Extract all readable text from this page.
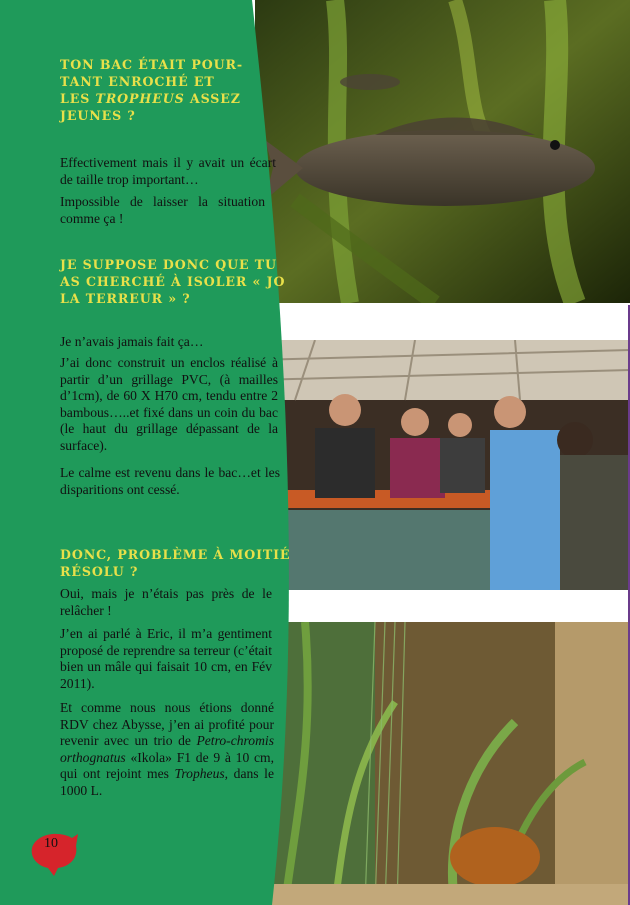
TON BAC ÉTAIT POUR-
TANT ENROCHÉ ET
LES TROPHEUS ASSEZ
JEUNES ?

Effectivement mais il y avait un écart de taille trop important…

Impossible de laisser la situation comme ça !

JE SUPPOSE DONC QUE TU
AS CHERCHÉ À ISOLER « JO
LA TERREUR » ?

Je n’avais jamais fait ça…

J’ai donc construit un enclos réalisé à partir d’un grillage PVC, (à mailles d’1cm), de 60 X H70 cm, tendu entre 2 bambous…..et fixé dans un coin du bac (le haut du grillage dépassant de la surface).

Le calme est revenu dans le bac…et les disparitions ont cessé.

DONC, PROBLÈME À MOITIÉ
RÉSOLU ?

Oui, mais je n’étais pas près de le relâcher !

J’en ai parlé à Eric, il m’a gentiment proposé de reprendre sa terreur (c’était bien un mâle qui faisait 10 cm, en Fév 2011).

Et comme nous nous étions donné RDV chez Abysse, j’en ai profité pour revenir avec un trio de Petro-chromis orthognatus «Ikola» F1 de 9 à 10 cm, qui ont rejoint mes Tropheus, dans le 1000 L.

10
